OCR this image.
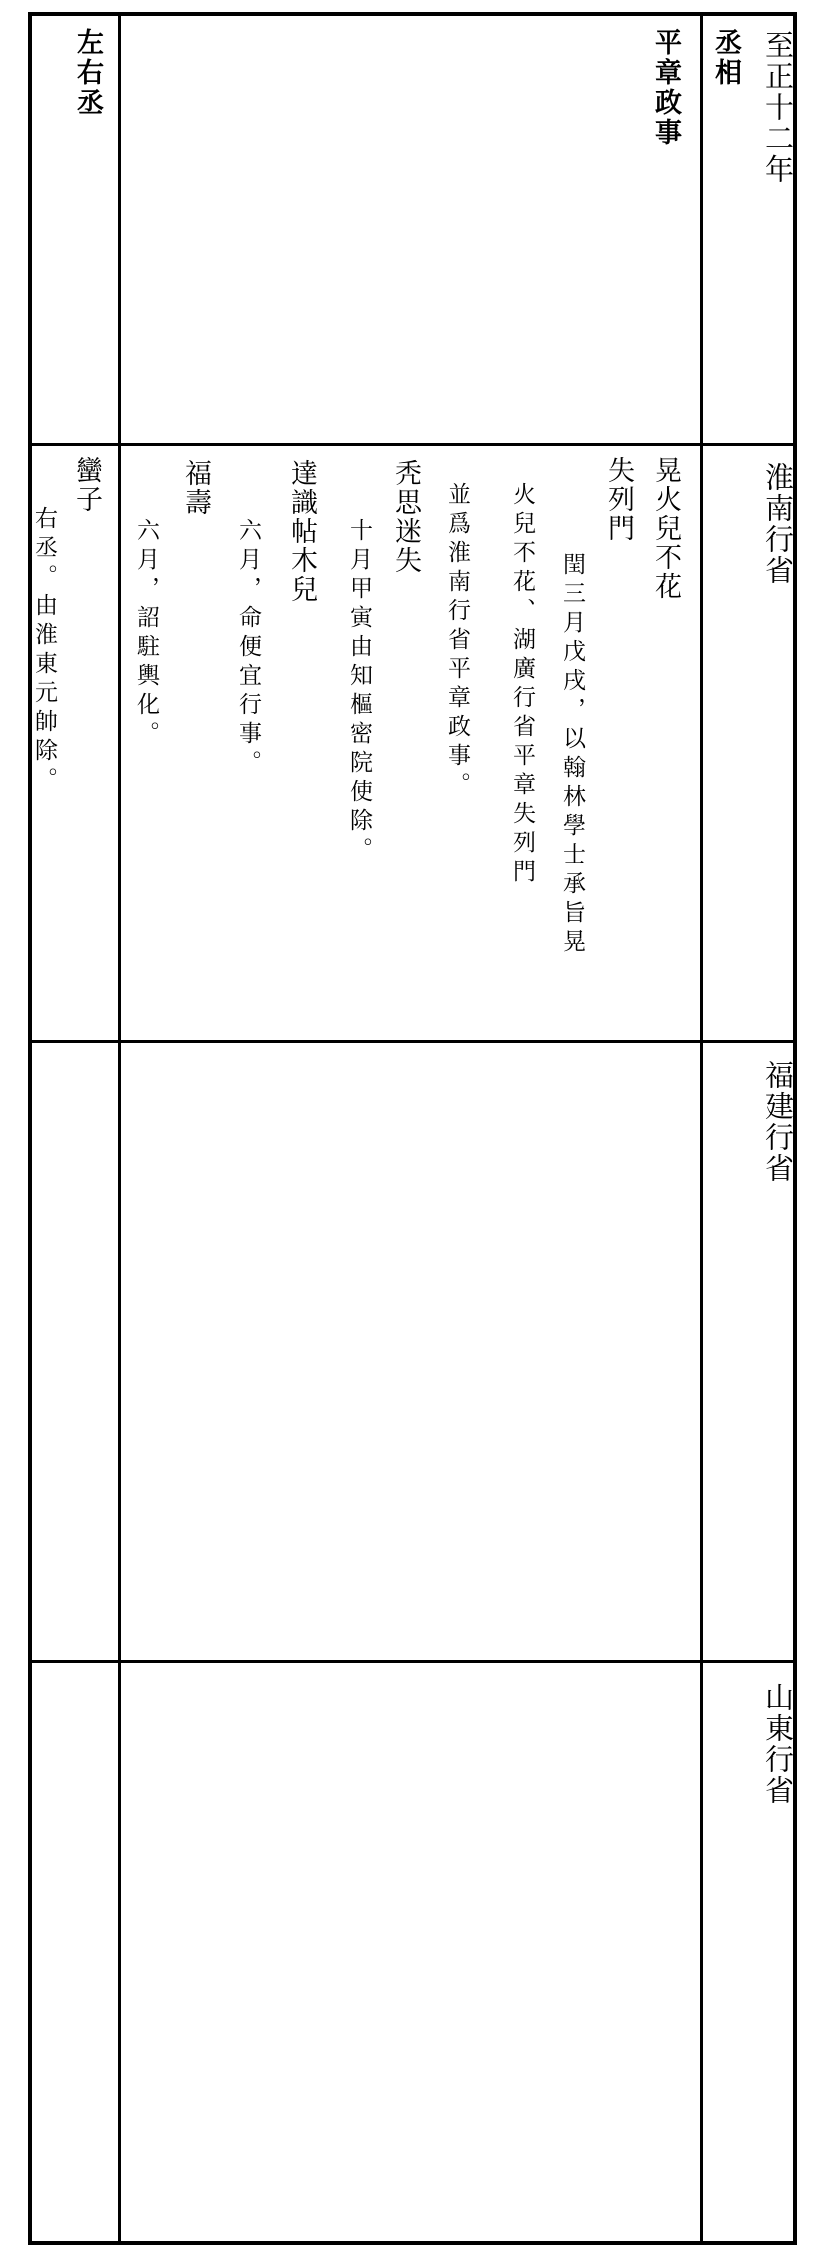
至正十二年
丞相
平章政事
左右丞
淮南行省
晃火兒不花
失列門
閏三月戊戌，以翰林學士承旨晃
火兒不花、湖廣行省平章失列門
並爲淮南行省平章政事。
秃思迷失
十月甲寅由知樞密院使除。
達識帖木兒
六月，命便宜行事。
福壽
六月，詔駐輿化。
蠻子
右丞。由淮東元帥除。
福建行省
山東行省
